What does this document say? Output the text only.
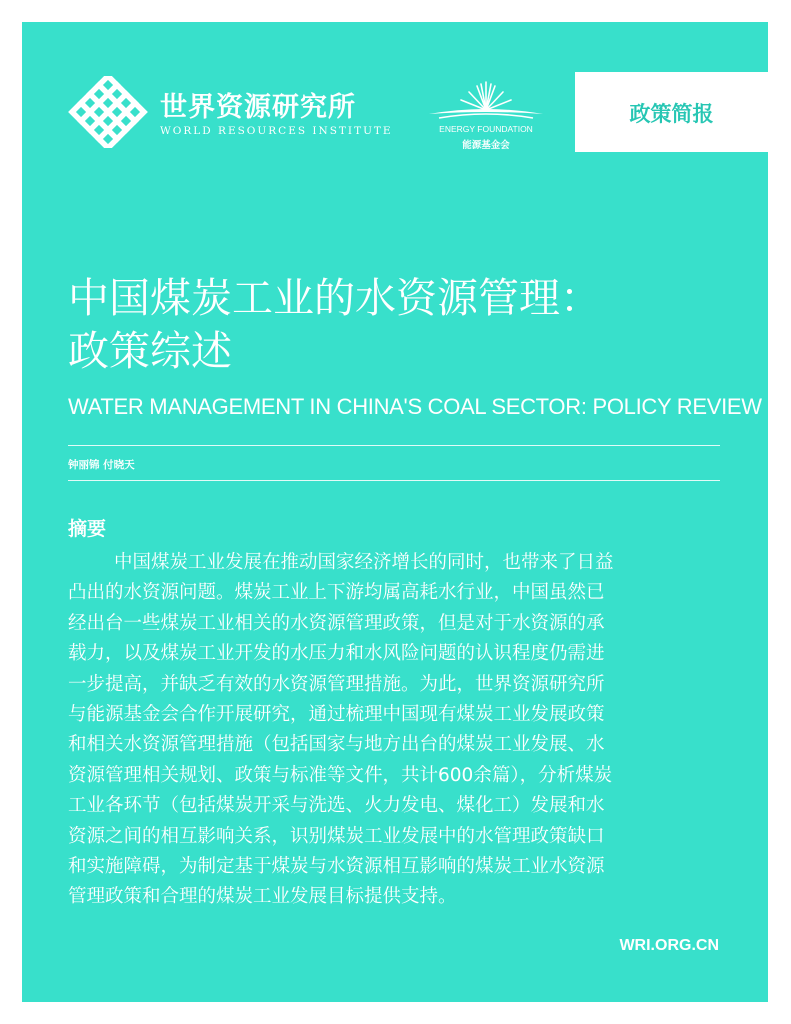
世界资源研究所
WORLD RESOURCES INSTITUTE	ENERGY FOUNDATION
能源基金会
政策简报
中国煤炭工业的水资源管理：
政策综述
WATER MANAGEMENT IN CHINA'S COAL SECTOR: POLICY REVIEW
钟丽锦 付晓天
摘要
中国煤炭工业发展在推动国家经济增长的同时，也带来了日益
凸出的水资源问题。煤炭工业上下游均属高耗水行业，中国虽然已
经出台一些煤炭工业相关的水资源管理政策，但是对于水资源的承
载力，以及煤炭工业开发的水压力和水风险问题的认识程度仍需进
一步提高，并缺乏有效的水资源管理措施。为此，世界资源研究所
与能源基金会合作开展研究，通过梳理中国现有煤炭工业发展政策
和相关水资源管理措施（包括国家与地方出台的煤炭工业发展、水
资源管理相关规划、政策与标准等文件，共计600余篇），分析煤炭
工业各环节（包括煤炭开采与洗选、火力发电、煤化工）发展和水
资源之间的相互影响关系，识别煤炭工业发展中的水管理政策缺口
和实施障碍，为制定基于煤炭与水资源相互影响的煤炭工业水资源
管理政策和合理的煤炭工业发展目标提供支持。
WRI.ORG.CN
